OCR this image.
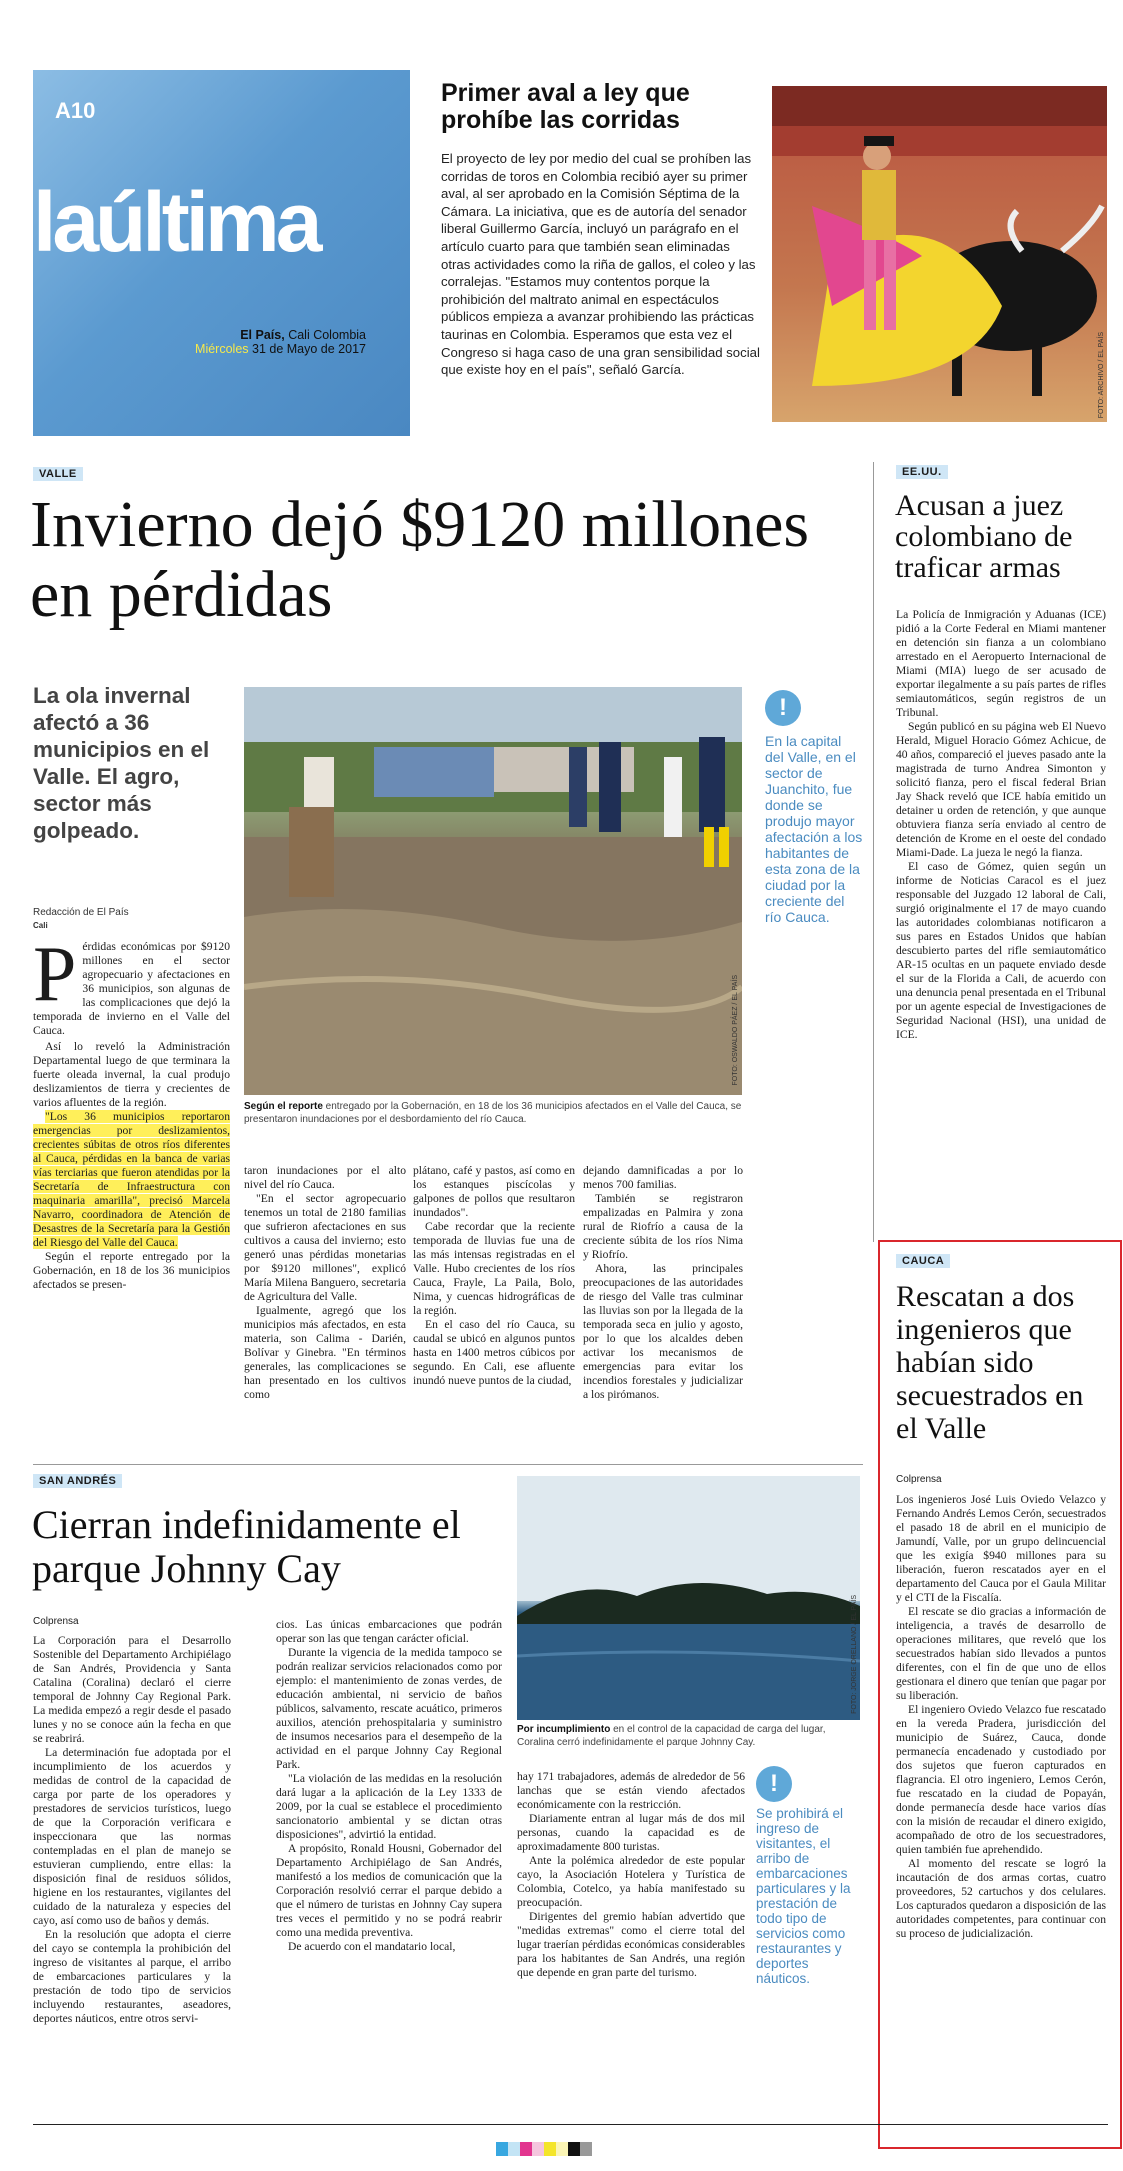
A10
laúltima
El País, Cali Colombia
Miércoles 31 de Mayo de 2017
Primer aval a ley que prohíbe las corridas
El proyecto de ley por medio del cual se prohíben las corridas de toros en Colombia recibió ayer su primer aval, al ser aprobado en la Comisión Séptima de la Cámara. La iniciativa, que es de autoría del senador liberal Guillermo García, incluyó un parágrafo en el artículo cuarto para que también sean eliminadas otras actividades como la riña de gallos, el coleo y las corralejas. "Estamos muy contentos porque la prohibición del maltrato animal en espectáculos públicos empieza a avanzar prohibiendo las prácticas taurinas en Colombia. Esperamos que esta vez el Congreso si haga caso de una gran sensibilidad social que existe hoy en el país", señaló García.	FOTO: ARCHIVO / EL PAÍS
VALLE
Invierno dejó $9120 millones en pérdidas
La ola invernal afectó a 36 municipios en el Valle. El agro, sector más golpeado.
Redacción de El País
Cali
FOTO: OSWALDO PÁEZ / EL PAÍS
Según el reporte entregado por la Gobernación, en 18 de los 36 municipios afectados en el Valle del Cauca, se presentaron inundaciones por el desbordamiento del río Cauca.
!
En la capital del Valle, en el sector de Juanchito, fue donde se produjo mayor afectación a los habitantes de esta zona de la ciudad por la creciente del río Cauca.
P érdidas económicas por $9120 millones en el sector agropecuario y afectaciones en 36 municipios, son algunas de las complicaciones que dejó la temporada de invierno en el Valle del Cauca.

Así lo reveló la Administración Departamental luego de que terminara la fuerte oleada invernal, la cual produjo deslizamientos de tierra y crecientes de varios afluentes de la región.

"Los 36 municipios reportaron emergencias por deslizamientos, crecientes súbitas de otros ríos diferentes al Cauca, pérdidas en la banca de varias vías terciarias que fueron atendidas por la Secretaría de Infraestructura con maquinaria amarilla", precisó Marcela Navarro, coordinadora de Atención de Desastres de la Secretaría para la Gestión del Riesgo del Valle del Cauca.

Según el reporte entregado por la Gobernación, en 18 de los 36 municipios afectados se presen-

taron inundaciones por el alto nivel del río Cauca.

"En el sector agropecuario tenemos un total de 2180 familias que sufrieron afectaciones en sus cultivos a causa del invierno; esto generó unas pérdidas monetarias por $9120 millones", explicó María Milena Banguero, secretaria de Agricultura del Valle.

Igualmente, agregó que los municipios más afectados, en esta materia, son Calima - Darién, Bolívar y Ginebra. "En términos generales, las complicaciones se han presentado en los cultivos como

plátano, café y pastos, así como en los estanques piscícolas y galpones de pollos que resultaron inundados".

Cabe recordar que la reciente temporada de lluvias fue una de las más intensas registradas en el Valle. Hubo crecientes de los ríos Cauca, Frayle, La Paila, Bolo, Nima, y cuencas hidrográficas de la región.

En el caso del río Cauca, su caudal se ubicó en algunos puntos hasta en 1400 metros cúbicos por segundo. En Cali, ese afluente inundó nueve puntos de la ciudad,

dejando damnificadas a por lo menos 700 familias.

También se registraron empalizadas en Palmira y zona rural de Riofrío a causa de la creciente súbita de los ríos Nima y Riofrío.

Ahora, las principales preocupaciones de las autoridades de riesgo del Valle tras culminar las lluvias son por la llegada de la temporada seca en julio y agosto, por lo que los alcaldes deben activar los mecanismos de emergencias para evitar los incendios forestales y judicializar a los pirómanos.

EE.UU.
Acusan a juez colombiano de traficar armas

La Policía de Inmigración y Aduanas (ICE) pidió a la Corte Federal en Miami mantener en detención sin fianza a un colombiano arrestado en el Aeropuerto Internacional de Miami (MIA) luego de ser acusado de exportar ilegalmente a su país partes de rifles semiautomáticos, según registros de un Tribunal.

Según publicó en su página web El Nuevo Herald, Miguel Horacio Gómez Achicue, de 40 años, compareció el jueves pasado ante la magistrada de turno Andrea Simonton y solicitó fianza, pero el fiscal federal Brian Jay Shack reveló que ICE había emitido un detainer u orden de retención, y que aunque obtuviera fianza sería enviado al centro de detención de Krome en el oeste del condado Miami-Dade. La jueza le negó la fianza.

El caso de Gómez, quien según un informe de Noticias Caracol es el juez responsable del Juzgado 12 laboral de Cali, surgió originalmente el 17 de mayo cuando las autoridades colombianas notificaron a sus pares en Estados Unidos que habían descubierto partes del rifle semiautomático AR-15 ocultas en un paquete enviado desde el sur de la Florida a Cali, de acuerdo con una denuncia penal presentada en el Tribunal por un agente especial de Investigaciones de Seguridad Nacional (HSI), una unidad de ICE.

CAUCA
Rescatan a dos ingenieros que habían sido secuestrados en el Valle
Colprensa

Los ingenieros José Luis Oviedo Velazco y Fernando Andrés Lemos Cerón, secuestrados el pasado 18 de abril en el municipio de Jamundí, Valle, por un grupo delincuencial que les exigía $940 millones para su liberación, fueron rescatados ayer en el departamento del Cauca por el Gaula Militar y el CTI de la Fiscalía.

El rescate se dio gracias a información de inteligencia, a través de desarrollo de operaciones militares, que reveló que los secuestrados habían sido llevados a puntos diferentes, con el fin de que uno de ellos gestionara el dinero que tenían que pagar por su liberación.

El ingeniero Oviedo Velazco fue rescatado en la vereda Pradera, jurisdicción del municipio de Suárez, Cauca, donde permanecía encadenado y custodiado por dos sujetos que fueron capturados en flagrancia. El otro ingeniero, Lemos Cerón, fue rescatado en la ciudad de Popayán, donde permanecía desde hace varios días con la misión de recaudar el dinero exigido, acompañado de otro de los secuestradores, quien también fue aprehendido.

Al momento del rescate se logró la incautación de dos armas cortas, cuatro proveedores, 52 cartuchos y dos celulares. Los capturados quedaron a disposición de las autoridades competentes, para continuar con su proceso de judicialización.

SAN ANDRÉS
Cierran indefinidamente el parque Johnny Cay
Colprensa	FOTO: JORGE ORELLANO / EL PAÍS
Por incumplimiento en el control de la capacidad de carga del lugar, Coralina cerró indefinidamente el parque Johnny Cay.
!
Se prohibirá el ingreso de visitantes, el arribo de embarcaciones particulares y la prestación de todo tipo de servicios como restaurantes y deportes náuticos.

La Corporación para el Desarrollo Sostenible del Departamento Archipiélago de San Andrés, Providencia y Santa Catalina (Coralina) declaró el cierre temporal de Johnny Cay Regional Park. La medida empezó a regir desde el pasado lunes y no se conoce aún la fecha en que se reabrirá.

La determinación fue adoptada por el incumplimiento de los acuerdos y medidas de control de la capacidad de carga por parte de los operadores y prestadores de servicios turísticos, luego de que la Corporación verificara e inspeccionara que las normas contempladas en el plan de manejo se estuvieran cumpliendo, entre ellas: la disposición final de residuos sólidos, higiene en los restaurantes, vigilantes del cuidado de la naturaleza y especies del cayo, así como uso de baños y demás.

En la resolución que adopta el cierre del cayo se contempla la prohibición del ingreso de visitantes al parque, el arribo de embarcaciones particulares y la prestación de todo tipo de servicios incluyendo restaurantes, aseadores, deportes náuticos, entre otros servi-

cios. Las únicas embarcaciones que podrán operar son las que tengan carácter oficial.

Durante la vigencia de la medida tampoco se podrán realizar servicios relacionados como por ejemplo: el mantenimiento de zonas verdes, de educación ambiental, ni servicio de baños públicos, salvamento, rescate acuático, primeros auxilios, atención prehospitalaria y suministro de insumos necesarios para el desempeño de la actividad en el parque Johnny Cay Regional Park.

"La violación de las medidas en la resolución dará lugar a la aplicación de la Ley 1333 de 2009, por la cual se establece el procedimiento sancionatorio ambiental y se dictan otras disposiciones", advirtió la entidad.

A propósito, Ronald Housni, Gobernador del Departamento Archipiélago de San Andrés, manifestó a los medios de comunicación que la Corporación resolvió cerrar el parque debido a que el número de turistas en Johnny Cay supera tres veces el permitido y no se podrá reabrir como una medida preventiva.

De acuerdo con el mandatario local,

hay 171 trabajadores, además de alrededor de 56 lanchas que se están viendo afectados económicamente con la restricción.

Diariamente entran al lugar más de dos mil personas, cuando la capacidad es de aproximadamente 800 turistas.

Ante la polémica alrededor de este popular cayo, la Asociación Hotelera y Turística de Colombia, Cotelco, ya había manifestado su preocupación.

Dirigentes del gremio habían advertido que "medidas extremas" como el cierre total del lugar traerían pérdidas económicas considerables para los habitantes de San Andrés, una región que depende en gran parte del turismo.
